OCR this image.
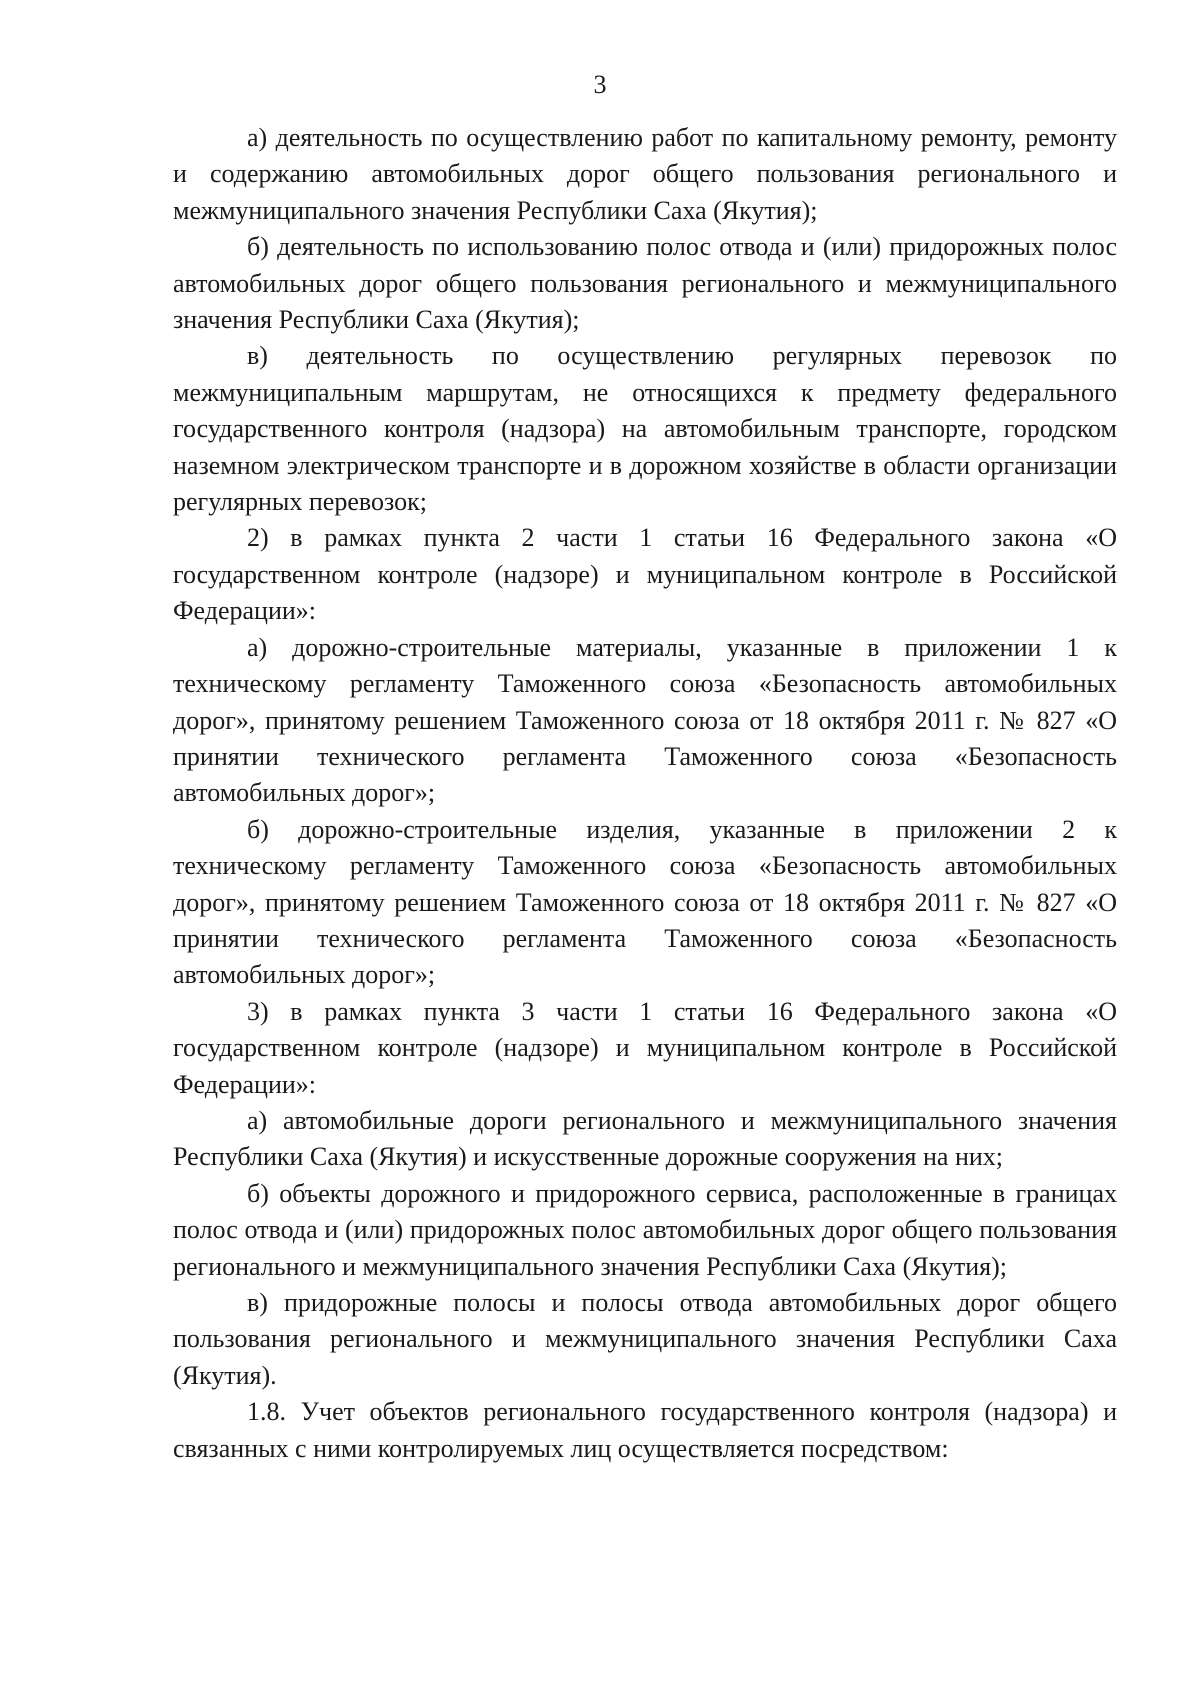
3

а) деятельность по осуществлению работ по капитальному ремонту, ремонту и содержанию автомобильных дорог общего пользования регионального и межмуниципального значения Республики Саха (Якутия);

б) деятельность по использованию полос отвода и (или) придорожных полос автомобильных дорог общего пользования регионального и межмуниципального значения Республики Саха (Якутия);

в) деятельность по осуществлению регулярных перевозок по межмуниципальным маршрутам, не относящихся к предмету федерального государственного контроля (надзора) на автомобильным транспорте, городском наземном электрическом транспорте и в дорожном хозяйстве в области организации регулярных перевозок;

2) в рамках пункта 2 части 1 статьи 16 Федерального закона «О государственном контроле (надзоре) и муниципальном контроле в Российской Федерации»:

а) дорожно-строительные материалы, указанные в приложении 1 к техническому регламенту Таможенного союза «Безопасность автомобильных дорог», принятому решением Таможенного союза от 18 октября 2011 г. № 827 «О принятии технического регламента Таможенного союза «Безопасность автомобильных дорог»;

б) дорожно-строительные изделия, указанные в приложении 2 к техническому регламенту Таможенного союза «Безопасность автомобильных дорог», принятому решением Таможенного союза от 18 октября 2011 г. № 827 «О принятии технического регламента Таможенного союза «Безопасность автомобильных дорог»;

3) в рамках пункта 3 части 1 статьи 16 Федерального закона «О государственном контроле (надзоре) и муниципальном контроле в Российской Федерации»:

а) автомобильные дороги регионального и межмуниципального значения Республики Саха (Якутия) и искусственные дорожные сооружения на них;

б) объекты дорожного и придорожного сервиса, расположенные в границах полос отвода и (или) придорожных полос автомобильных дорог общего пользования регионального и межмуниципального значения Республики Саха (Якутия);

в) придорожные полосы и полосы отвода автомобильных дорог общего пользования регионального и межмуниципального значения Республики Саха (Якутия).

1.8. Учет объектов регионального государственного контроля (надзора) и связанных с ними контролируемых лиц осуществляется посредством:
